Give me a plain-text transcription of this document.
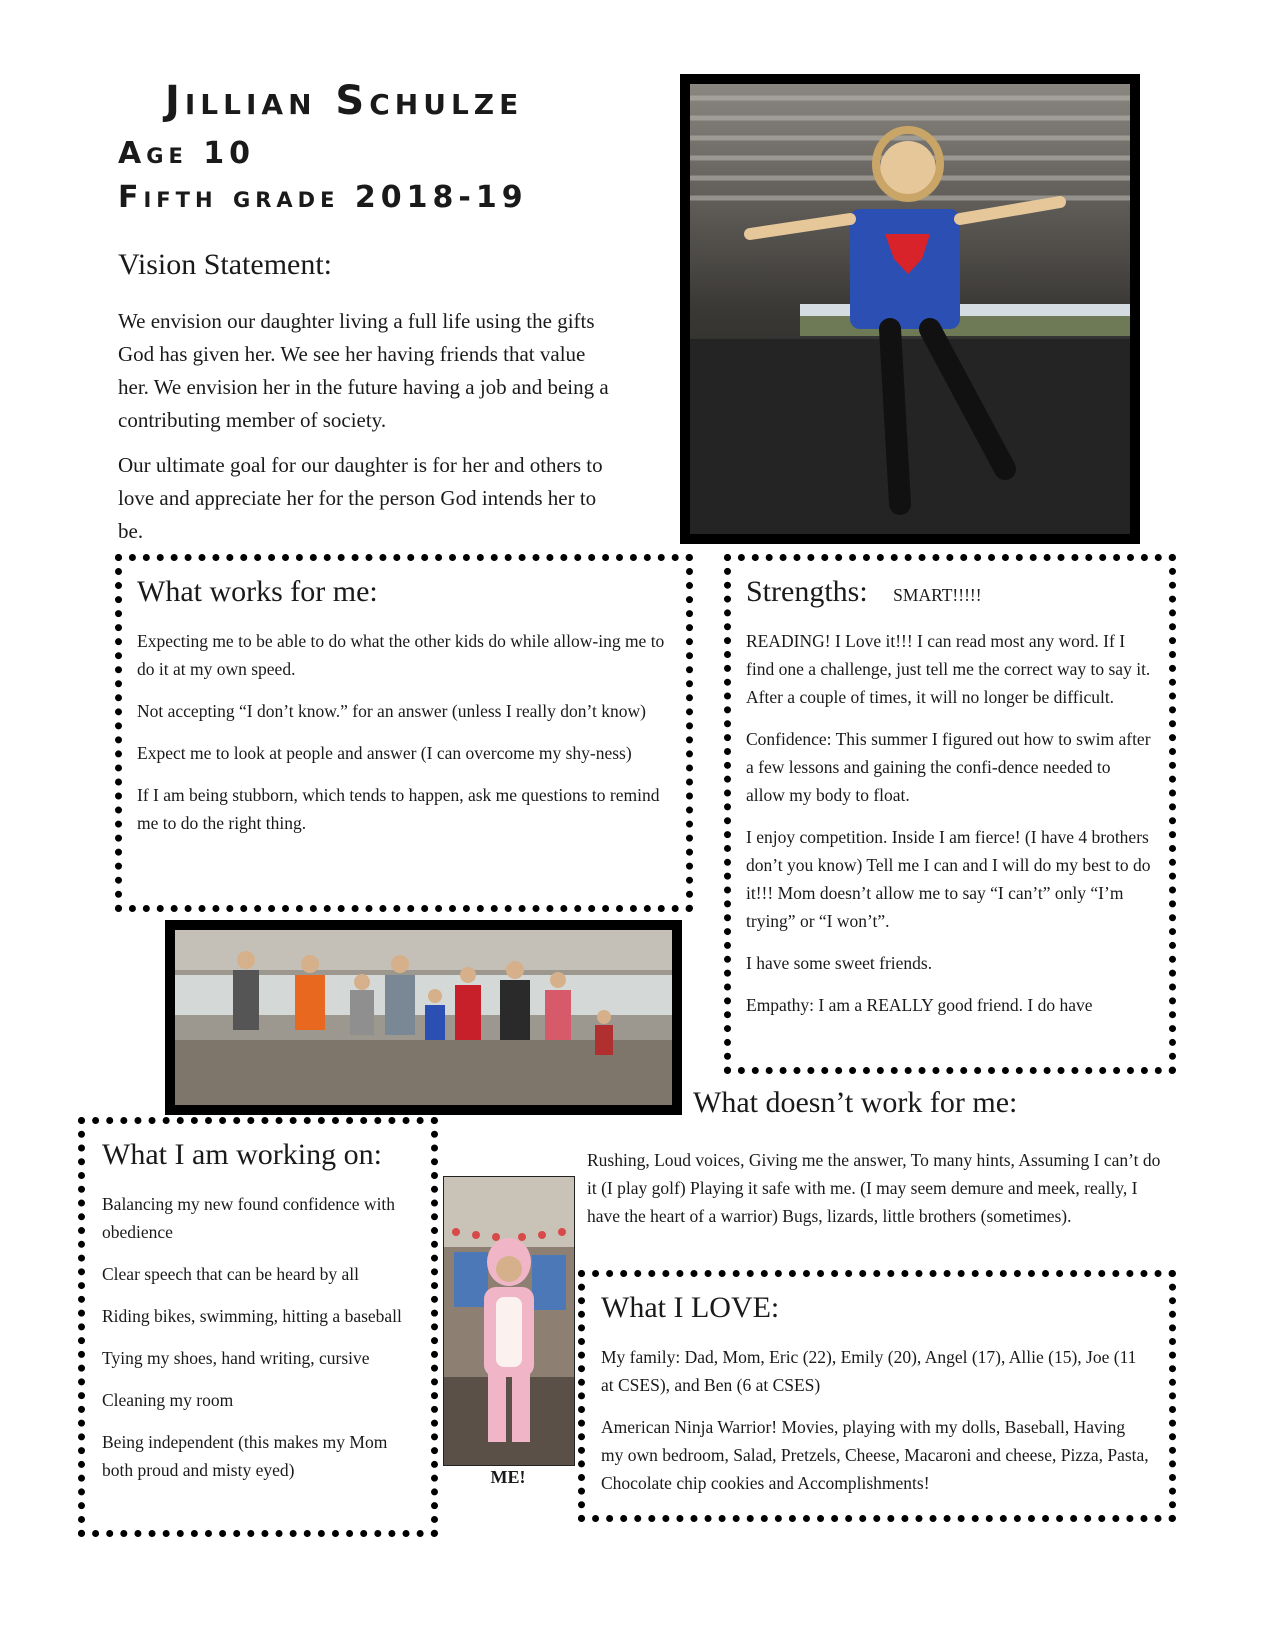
Jillian Schulze
Age 10
Fifth grade 2018-19
Vision Statement:

We envision our daughter living a full life using the gifts God has given her. We see her having friends that value her. We envision her in the future having a job and being a contributing member of society.

Our ultimate goal for our daughter is for her and others to love and appreciate her for the person God intends her to be.

What works for me:

Expecting me to be able to do what the other kids do while allow-ing me to do it at my own speed.

Not accepting “I don’t know.” for an answer (unless I really don’t know)

Expect me to look at people and answer (I can overcome my shy-ness)

If I am being stubborn, which tends to happen, ask me questions to remind me to do the right thing.

Strengths: SMART!!!!!

READING! I Love it!!! I can read most any word. If I find one a challenge, just tell me the correct way to say it. After a couple of times, it will no longer be difficult.

Confidence: This summer I figured out how to swim after a few lessons and gaining the confi-dence needed to allow my body to float.

I enjoy competition. Inside I am fierce! (I have 4 brothers don’t you know) Tell me I can and I will do my best to do it!!! Mom doesn’t allow me to say “I can’t” only “I’m trying” or “I won’t”.

I have some sweet friends.

Empathy: I am a REALLY good friend. I do have

What doesn’t work for me:

Rushing, Loud voices, Giving me the answer, To many hints, Assuming I can’t do it (I play golf) Playing it safe with me. (I may seem demure and meek, really, I have the heart of a warrior) Bugs, lizards, little brothers (sometimes).

What I am working on:

Balancing my new found confidence with obedience

Clear speech that can be heard by all

Riding bikes, swimming, hitting a baseball

Tying my shoes, hand writing, cursive

Cleaning my room

Being independent (this makes my Mom both proud and misty eyed)	ME!
What I LOVE:

My family: Dad, Mom, Eric (22), Emily (20), Angel (17), Allie (15), Joe (11 at CSES), and Ben (6 at CSES)

American Ninja Warrior! Movies, playing with my dolls, Baseball, Having my own bedroom, Salad, Pretzels, Cheese, Macaroni and cheese, Pizza, Pasta, Chocolate chip cookies and Accomplishments!
